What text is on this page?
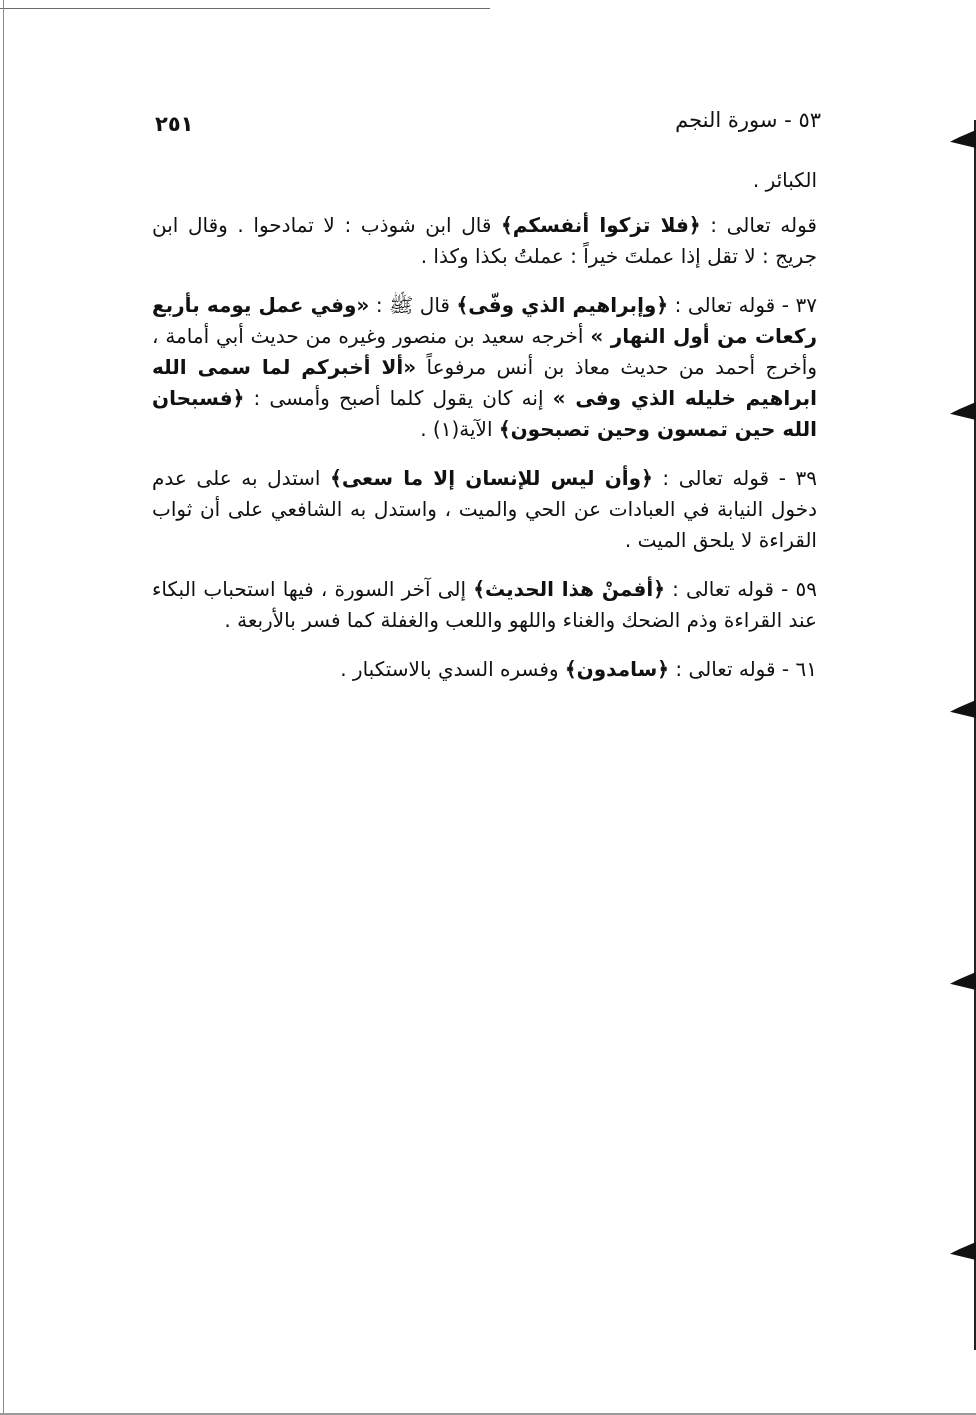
٥٣ - سورة النجم
٢٥١

الكبائر .

قوله تعالى : ﴿فلا تزكوا أنفسكم﴾ قال ابن شوذب : لا تمادحوا . وقال ابن جريج : لا تقل إذا عملتَ خيراً : عملتُ بكذا وكذا .

٣٧ - قوله تعالى : ﴿وإبراهيم الذي وفّى﴾ قال ﷺ : «وفي عمل يومه بأربع ركعات من أول النهار » أخرجه سعيد بن منصور وغيره من حديث أبي أمامة ، وأخرج أحمد من حديث معاذ بن أنس مرفوعاً «ألا أخبركم لما سمى الله ابراهيم خليله الذي وفى » إنه كان يقول كلما أصبح وأمسى : ﴿فسبحان الله حين تمسون وحين تصبحون﴾ الآية(١) .

٣٩ - قوله تعالى : ﴿وأن ليس للإنسان إلا ما سعى﴾ استدل به على عدم دخول النيابة في العبادات عن الحي والميت ، واستدل به الشافعي على أن ثواب القراءة لا يلحق الميت .

٥٩ - قوله تعالى : ﴿أفمنْ هذا الحديث﴾ إلى آخر السورة ، فيها استحباب البكاء عند القراءة وذم الضحك والغناء واللهو واللعب والغفلة كما فسر بالأربعة .

٦١ - قوله تعالى : ﴿سامدون﴾ وفسره السدي بالاستكبار .
